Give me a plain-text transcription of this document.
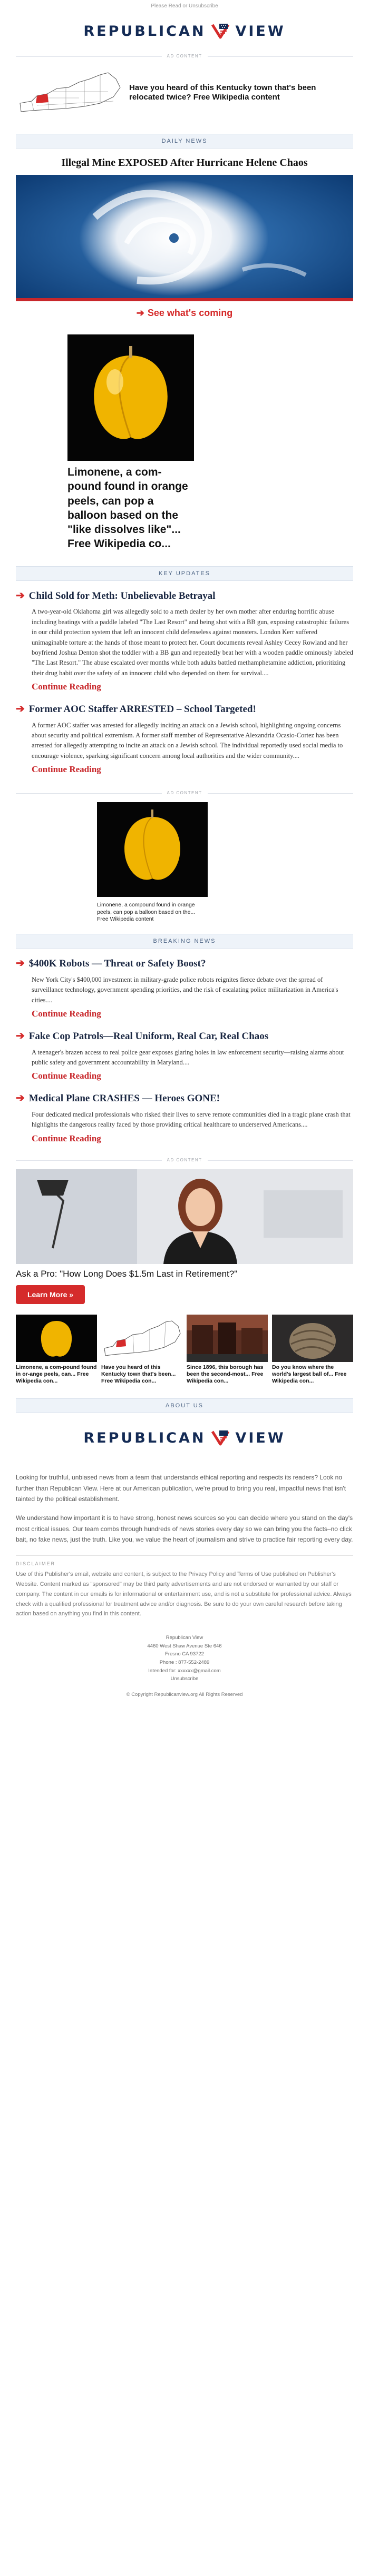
Please Read or Unsubscribe
REPUBLICAN VIEW
AD CONTENT
Have you heard of this Kentucky town that's been relocated twice? Free Wikipedia content
DAILY NEWS
Illegal Mine EXPOSED After Hurricane Helene Chaos
➔ See what's coming
Limonene, a com-pound found in orange peels, can pop a balloon based on the "like dissolves like"... Free Wikipedia co...
KEY UPDATES
➔ Child Sold for Meth: Unbelievable Betrayal
A two-year-old Oklahoma girl was allegedly sold to a meth dealer by her own mother after enduring horrific abuse including beatings with a paddle labeled "The Last Resort" and being shot with a BB gun, exposing catastrophic failures in our child protection system that left an innocent child defenseless against monsters. London Kerr suffered unimaginable torture at the hands of those meant to protect her. Court documents reveal Ashley Cecey Rowland and her boyfriend Joshua Denton shot the toddler with a BB gun and repeatedly beat her with a wooden paddle ominously labeled "The Last Resort." The abuse escalated over months while both adults battled methamphetamine addiction, prioritizing their drug habit over the safety of an innocent child who depended on them for survival....
Continue Reading
➔ Former AOC Staffer ARRESTED – School Targeted!
A former AOC staffer was arrested for allegedly inciting an attack on a Jewish school, highlighting ongoing concerns about security and political extremism. A former staff member of Representative Alexandria Ocasio-Cortez has been arrested for allegedly attempting to incite an attack on a Jewish school. The individual reportedly used social media to encourage violence, sparking significant concern among local authorities and the wider community....
Continue Reading
AD CONTENT
Limonene, a compound found in orange peels, can pop a balloon based on the... Free Wikipedia content
BREAKING NEWS
➔ $400K Robots — Threat or Safety Boost?
New York City's $400,000 investment in military-grade police robots reignites fierce debate over the spread of surveillance technology, government spending priorities, and the risk of escalating police militarization in America's cities....
Continue Reading
➔ Fake Cop Patrols—Real Uniform, Real Car, Real Chaos
A teenager's brazen access to real police gear exposes glaring holes in law enforcement security—raising alarms about public safety and government accountability in Maryland....
Continue Reading
➔ Medical Plane CRASHES — Heroes GONE!
Four dedicated medical professionals who risked their lives to serve remote communities died in a tragic plane crash that highlights the dangerous reality faced by those providing critical healthcare to underserved Americans....
Continue Reading
AD CONTENT
Ask a Pro: "How Long Does $1.5m Last in Retirement?"
Learn More »
Limonene, a com-pound found in or-ange peels, can... Free Wikipedia con...
Have you heard of this Kentucky town that's been... Free Wikipedia con...
Since 1896, this borough has been the second-most... Free Wikipedia con...
Do you know where the world's largest ball of... Free Wikipedia con...
ABOUT US
REPUBLICAN VIEW

Looking for truthful, unbiased news from a team that understands ethical reporting and respects its readers? Look no further than Republican View. Here at our American publication, we're proud to bring you real, impactful news that isn't tainted by the political establishment.

We understand how important it is to have strong, honest news sources so you can decide where you stand on the day's most critical issues. Our team combs through hundreds of news stories every day so we can bring you the facts–no click bait, no fake news, just the truth. Like you, we value the heart of journalism and strive to practice fair reporting every day.

DISCLAIMER
Use of this Publisher's email, website and content, is subject to the Privacy Policy and Terms of Use published on Publisher's Website. Content marked as "sponsored" may be third party advertisements and are not endorsed or warranted by our staff or company. The content in our emails is for informational or entertainment use, and is not a substitute for professional advice. Always check with a qualified professional for treatment advice and/or diagnosis. Be sure to do your own careful research before taking action based on anything you find in this content.
Republican View
4460 West Shaw Avenue Ste 646
Fresno CA 93722
Phone : 877-552-2489
Intended for: xxxxxx@gmail.com
Unsubscribe
© Copyright Republicanview.org All Rights Reserved
